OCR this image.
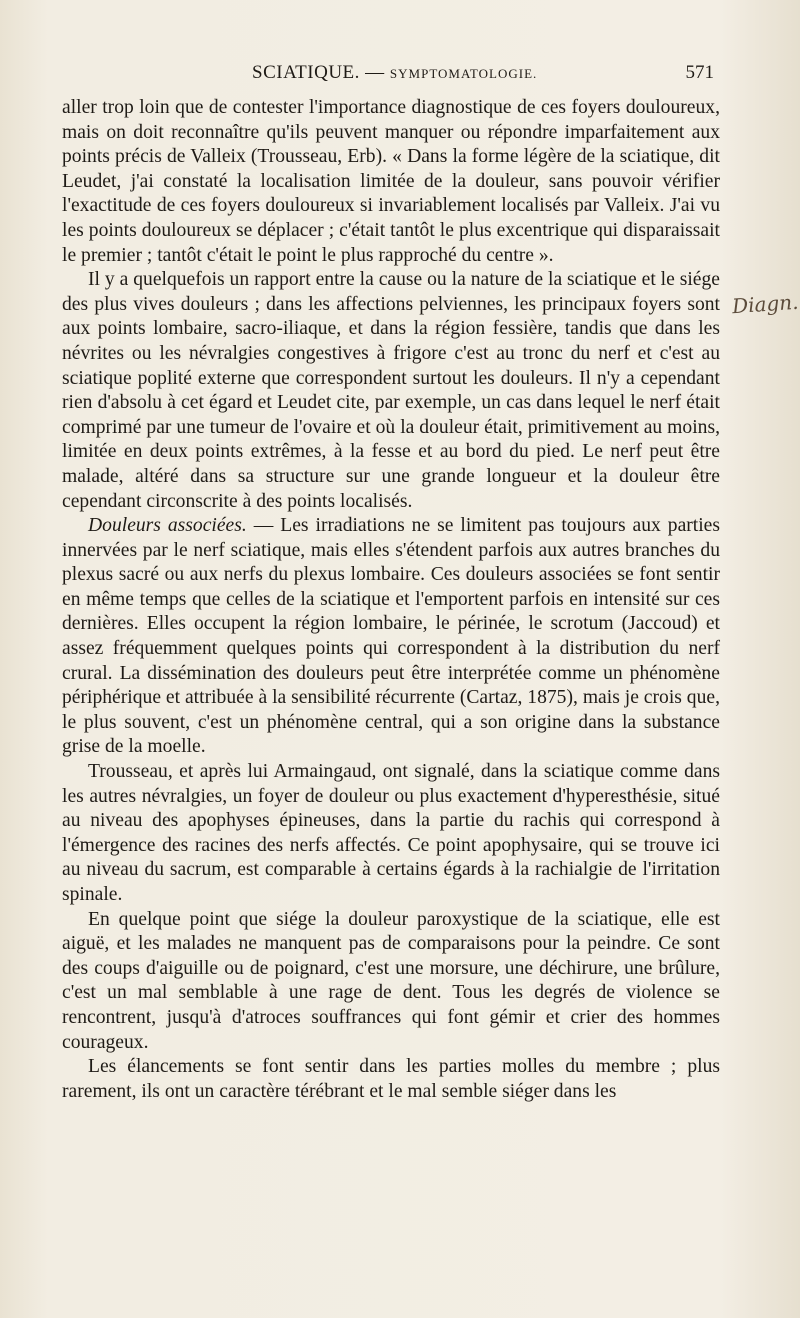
SCIATIQUE. — SYMPTOMATOLOGIE.	571
Diagn.

aller trop loin que de contester l'importance diagnostique de ces foyers douloureux, mais on doit reconnaître qu'ils peuvent manquer ou répondre imparfaitement aux points précis de Valleix (Trousseau, Erb). « Dans la forme légère de la sciatique, dit Leudet, j'ai constaté la localisation limitée de la douleur, sans pouvoir vérifier l'exactitude de ces foyers douloureux si invariablement localisés par Valleix. J'ai vu les points douloureux se déplacer ; c'était tantôt le plus excentrique qui disparaissait le premier ; tantôt c'était le point le plus rapproché du centre ».

Il y a quelquefois un rapport entre la cause ou la nature de la sciatique et le siége des plus vives douleurs ; dans les affections pelviennes, les principaux foyers sont aux points lombaire, sacro-iliaque, et dans la région fessière, tandis que dans les névrites ou les névralgies congestives à frigore c'est au tronc du nerf et c'est au sciatique poplité externe que correspondent surtout les douleurs. Il n'y a cependant rien d'absolu à cet égard et Leudet cite, par exemple, un cas dans lequel le nerf était comprimé par une tumeur de l'ovaire et où la douleur était, primitivement au moins, limitée en deux points extrêmes, à la fesse et au bord du pied. Le nerf peut être malade, altéré dans sa structure sur une grande longueur et la douleur être cependant circonscrite à des points localisés.

Douleurs associées. — Les irradiations ne se limitent pas toujours aux parties innervées par le nerf sciatique, mais elles s'étendent parfois aux autres branches du plexus sacré ou aux nerfs du plexus lombaire. Ces douleurs associées se font sentir en même temps que celles de la sciatique et l'emportent parfois en intensité sur ces dernières. Elles occupent la région lombaire, le périnée, le scrotum (Jaccoud) et assez fréquemment quelques points qui correspondent à la distribution du nerf crural. La dissémination des douleurs peut être interprétée comme un phénomène périphérique et attribuée à la sensibilité récurrente (Cartaz, 1875), mais je crois que, le plus souvent, c'est un phénomène central, qui a son origine dans la substance grise de la moelle.

Trousseau, et après lui Armaingaud, ont signalé, dans la sciatique comme dans les autres névralgies, un foyer de douleur ou plus exactement d'hyperesthésie, situé au niveau des apophyses épineuses, dans la partie du rachis qui correspond à l'émergence des racines des nerfs affectés. Ce point apophysaire, qui se trouve ici au niveau du sacrum, est comparable à certains égards à la rachialgie de l'irritation spinale.

En quelque point que siége la douleur paroxystique de la sciatique, elle est aiguë, et les malades ne manquent pas de comparaisons pour la peindre. Ce sont des coups d'aiguille ou de poignard, c'est une morsure, une déchirure, une brûlure, c'est un mal semblable à une rage de dent. Tous les degrés de violence se rencontrent, jusqu'à d'atroces souffrances qui font gémir et crier des hommes courageux.

Les élancements se font sentir dans les parties molles du membre ; plus rarement, ils ont un caractère térébrant et le mal semble siéger dans les
